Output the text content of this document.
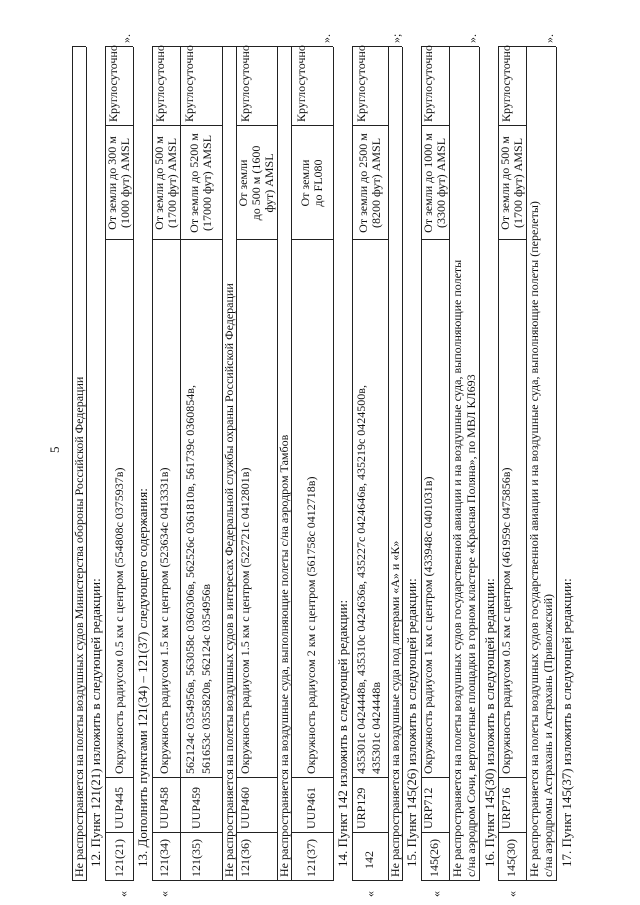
5 Не распространяется на полеты воздушных судов Министерства обороны Российской Федерации 12. Пункт 121(21) изложить в следующей редакции:
«
121(21)
UUP445
Окружность радиусом 0.5 км с центром (554808с 0375937в)
От земли до 300 м (1000 фут) AMSL
Круглосуточно
».
13. Дополнить пунктами 121(34) – 121(37) следующего содержания:
«
121(34)
UUP458
Окружность радиусом 1.5 км с центром (523634с 0413331в)
От земли до 500 м (1700 фут) AMSL
Круглосуточно
121(35)
UUP459
562124с 0354956в, 563058с 0360306в, 562526с 0361810в, 561739с 0360854в, 561653с 0355820в, 562124с 0354956в
От земли до 5200 м (17000 фут) AMSL
Круглосуточно
Не распространяется на полеты воздушных судов в интересах Федеральной службы охраны Российской Федерации 121(36)
UUP460
Окружность радиусом 1.5 км с центром (522721с 0412801в)
От земли до 500 м (1600 фут) AMSL
Круглосуточно
Не распространяется на воздушные суда, выполняющие полеты с/на аэродром Тамбов 121(37)
UUP461
Окружность радиусом 2 км с центром (561758с 0412718в)
От земли до FL080
Круглосуточно
».
14. Пункт 142 изложить в следующей редакции:
«
142
URP129
435301с 0424448в, 435310с 0424636в, 435227с 0424646в, 435219с 0424500в, 435301с 0424448в
От земли до 2500 м (8200 фут) AMSL
Круглосуточно
Не распространяется на воздушные суда под литерами «А» и «К»
»;
15. Пункт 145(26) изложить в следующей редакции:
«
145(26)
URP712
Окружность радиусом 1 км с центром (433948с 0401031в)
От земли до 1000 м (3300 фут) AMSL
Круглосуточно
Не распространяется на полеты воздушных судов государственной авиации и на воздушные суда, выполняющие полеты с/на аэродром Сочи, вертолетные площадки в горном кластере «Красная Поляна», по МВЛ КЛ693
».
16. Пункт 145(30) изложить в следующей редакции:
«
145(30)
URP716
Окружность радиусом 0.5 км с центром (461959с 0475856в)
От земли до 500 м (1700 фут) AMSL
Круглосуточно
Не распространяется на полеты воздушных судов государственной авиации и на воздушные суда, выполняющие полеты (перелеты) с/на аэродромы Астрахань и Астрахань (Приволжский)
».
17. Пункт 145(37) изложить в следующей редакции:
